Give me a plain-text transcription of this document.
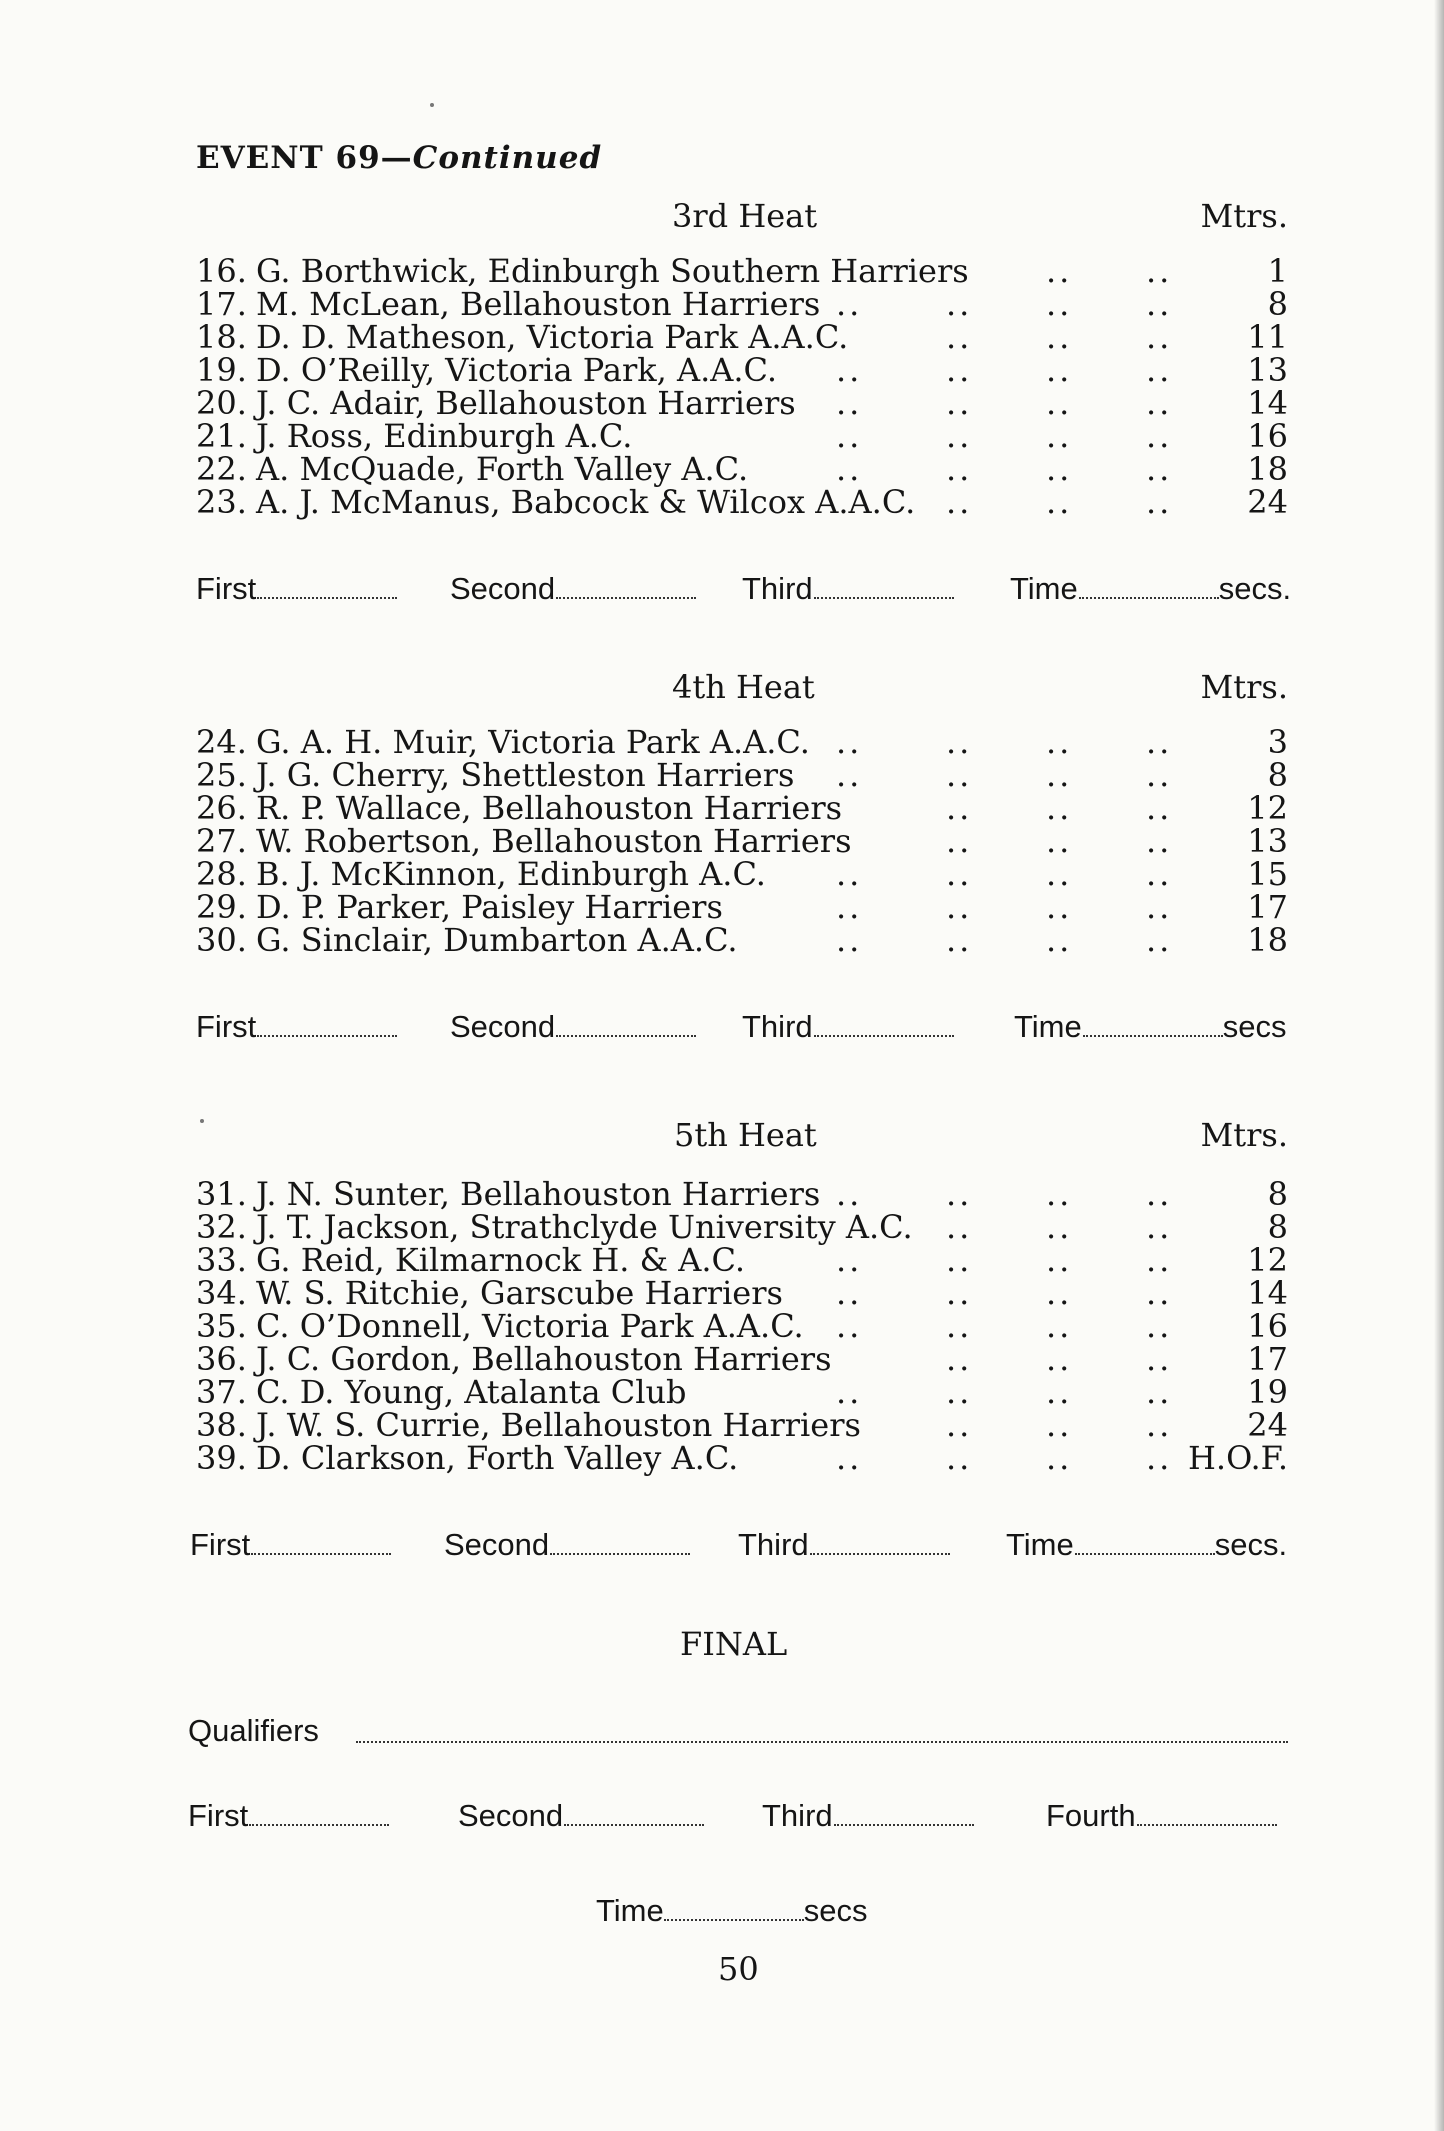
EVENT 69—Continued
3rd Heat	Mtrs.
16. G. Borthwick, Edinburgh Southern Harriers .. ..	1
17. M. McLean, Bellahouston Harriers ..	.. .. ..	8
18. D. D. Matheson, Victoria Park A.A.C.	.. .. .. 11
19. D. O’Reilly, Victoria Park, A.A.C. ..	.. .. .. 13
20. J. C. Adair, Bellahouston Harriers ..	.. .. .. 14
21. J. Ross, Edinburgh A.C.	..	.. .. .. 16
22. A. McQuade, Forth Valley A.C.	..	.. .. .. 18
23. A. J. McManus, Babcock & Wilcox A.A.C. .. .. .. 24
First	Second	Third	Time	secs.
4th Heat	Mtrs.
24. G. A. H. Muir, Victoria Park A.A.C. ..	.. .. ..	3
25. J. G. Cherry, Shettleston Harriers ..	.. .. ..	8
26. R. P. Wallace, Bellahouston Harriers	.. .. .. 12
27. W. Robertson, Bellahouston Harriers	.. .. .. 13
28. B. J. McKinnon, Edinburgh A.C. ..	.. .. .. 15
29. D. P. Parker, Paisley Harriers	..	.. .. .. 17
30. G. Sinclair, Dumbarton A.A.C.	..	.. .. .. 18
First	Second	Third	Time	secs
5th Heat	Mtrs.
31. J. N. Sunter, Bellahouston Harriers ..	.. .. ..	8
32. J. T. Jackson, Strathclyde University A.C. .. .. ..	8
33. G. Reid, Kilmarnock H. & A.C.	..	.. .. .. 12
34. W. S. Ritchie, Garscube Harriers ..	.. .. .. 14
35. C. O’Donnell, Victoria Park A.A.C. ..	.. .. .. 16
36. J. C. Gordon, Bellahouston Harriers	.. .. .. 17
37. C. D. Young, Atalanta Club	..	.. .. .. 19
38. J. W. S. Currie, Bellahouston Harriers	.. .. .. 24
39. D. Clarkson, Forth Valley A.C.	..	.. .. .. H.O.F.
First	Second	Third	Time	secs.
FINAL
Qualifiers
First	Second	Third	Fourth
Time	secs
50
